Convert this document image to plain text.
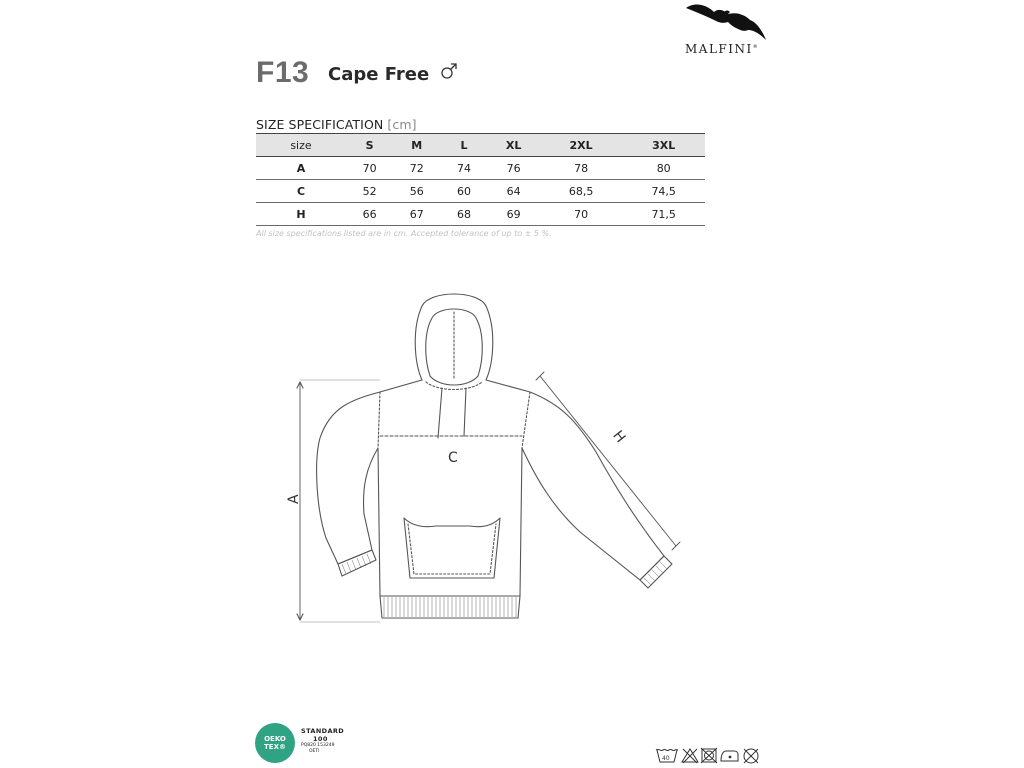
MALFINI®
F13 Cape Free
SIZE SPECIFICATION [cm]
size	S	M	L	XL	2XL	3XL
A	70	72	74	76	78	80
C	52	56	60	64	68,5	74,5
H	66	67	68	69	70	71,5
All size specifications listed are in cm. Accepted tolerance of up to ± 5 %.
A
C
H
OEKO
TEX®
STANDARD
100
PQ820 153249
OETI
40
